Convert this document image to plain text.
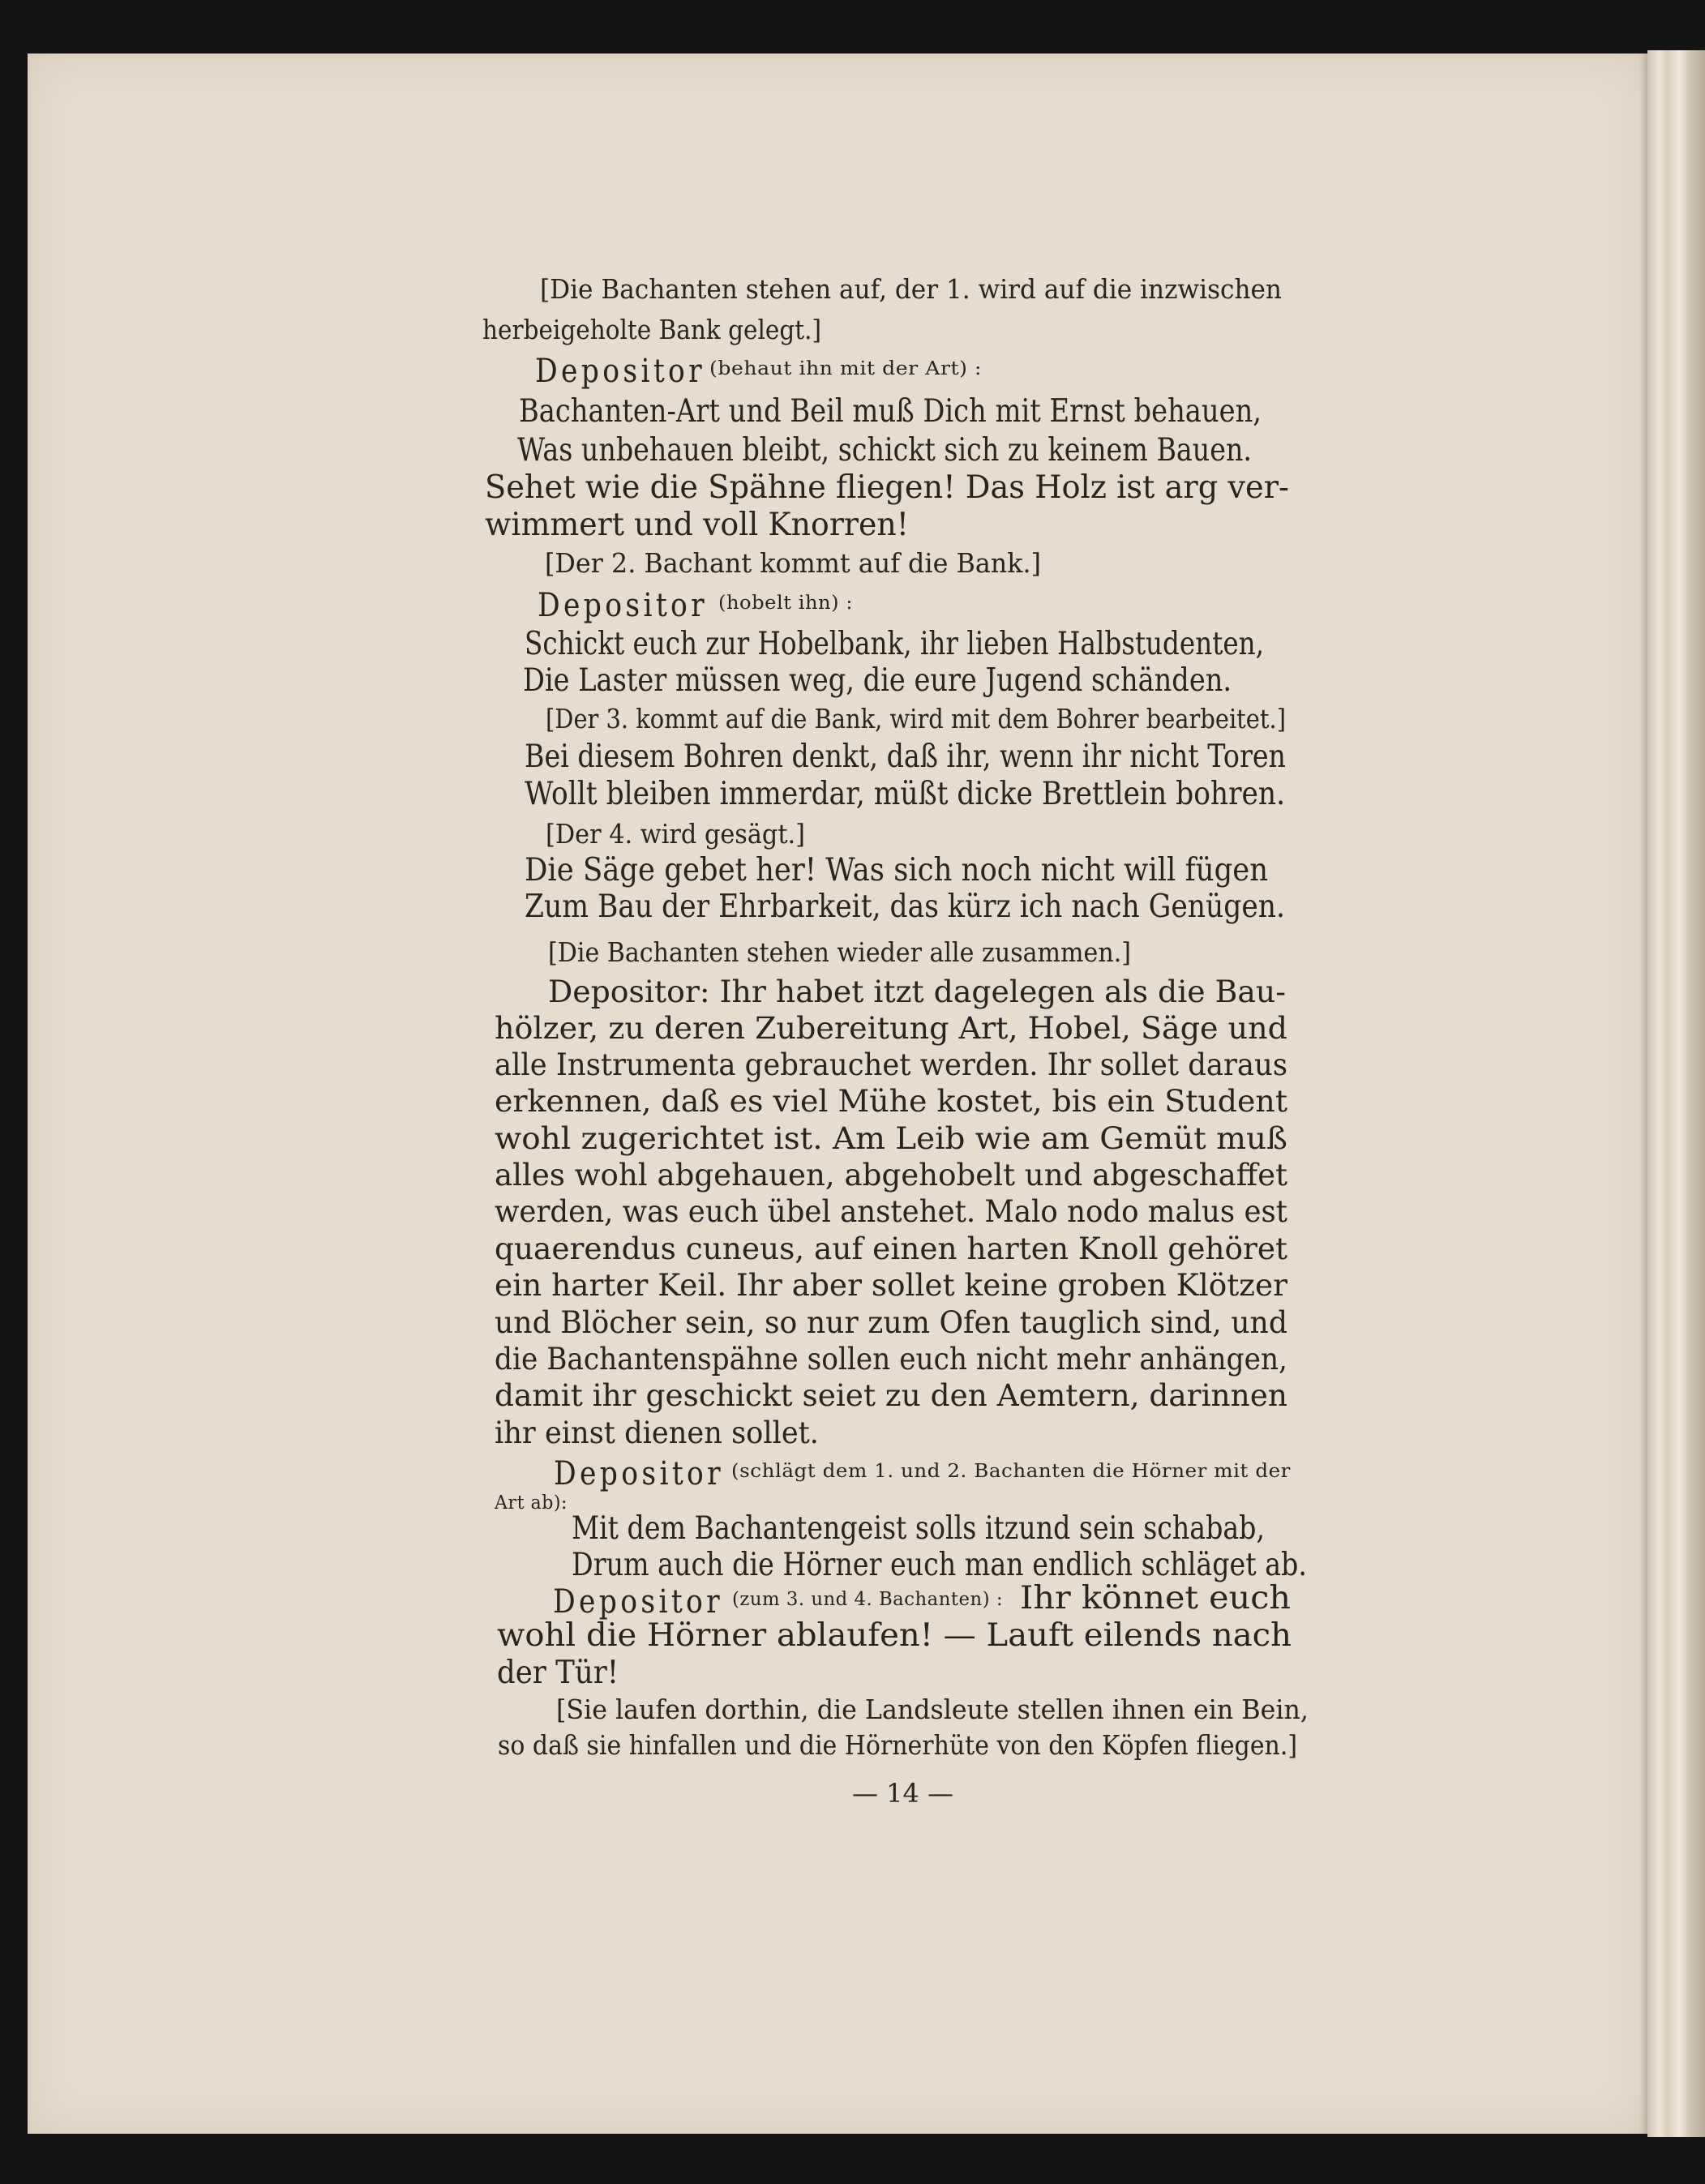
[Die Bachanten stehen auf, der 1. wird auf die inzwischen
herbeigeholte Bank gelegt.]
Depositor (behaut ihn mit der Art) :
Bachanten-Art und Beil muß Dich mit Ernst behauen,
Was unbehauen bleibt, schickt sich zu keinem Bauen.
Sehet wie die Spähne fliegen! Das Holz ist arg ver-
wimmert und voll Knorren!
[Der 2. Bachant kommt auf die Bank.]
Depositor (hobelt ihn) :
Schickt euch zur Hobelbank, ihr lieben Halbstudenten,
Die Laster müssen weg, die eure Jugend schänden.
[Der 3. kommt auf die Bank, wird mit dem Bohrer bearbeitet.]
Bei diesem Bohren denkt, daß ihr, wenn ihr nicht Toren
Wollt bleiben immerdar, müßt dicke Brettlein bohren.
[Der 4. wird gesägt.]
Die Säge gebet her! Was sich noch nicht will fügen
Zum Bau der Ehrbarkeit, das kürz ich nach Genügen.
[Die Bachanten stehen wieder alle zusammen.]
Depositor: Ihr habet itzt dagelegen als die Bau-
hölzer, zu deren Zubereitung Art, Hobel, Säge und
alle Instrumenta gebrauchet werden. Ihr sollet daraus
erkennen, daß es viel Mühe kostet, bis ein Student
wohl zugerichtet ist. Am Leib wie am Gemüt muß
alles wohl abgehauen, abgehobelt und abgeschaffet
werden, was euch übel anstehet. Malo nodo malus est
quaerendus cuneus, auf einen harten Knoll gehöret
ein harter Keil. Ihr aber sollet keine groben Klötzer
und Blöcher sein, so nur zum Ofen tauglich sind, und
die Bachantenspähne sollen euch nicht mehr anhängen,
damit ihr geschickt seiet zu den Aemtern, darinnen
ihr einst dienen sollet.
Depositor (schlägt dem 1. und 2. Bachanten die Hörner mit der
Art ab):
Mit dem Bachantengeist solls itzund sein schabab,
Drum auch die Hörner euch man endlich schläget ab.
Depositor (zum 3. und 4. Bachanten) : Ihr könnet euch
wohl die Hörner ablaufen! — Lauft eilends nach
der Tür!
[Sie laufen dorthin, die Landsleute stellen ihnen ein Bein,
so daß sie hinfallen und die Hörnerhüte von den Köpfen fliegen.]
— 14 —
